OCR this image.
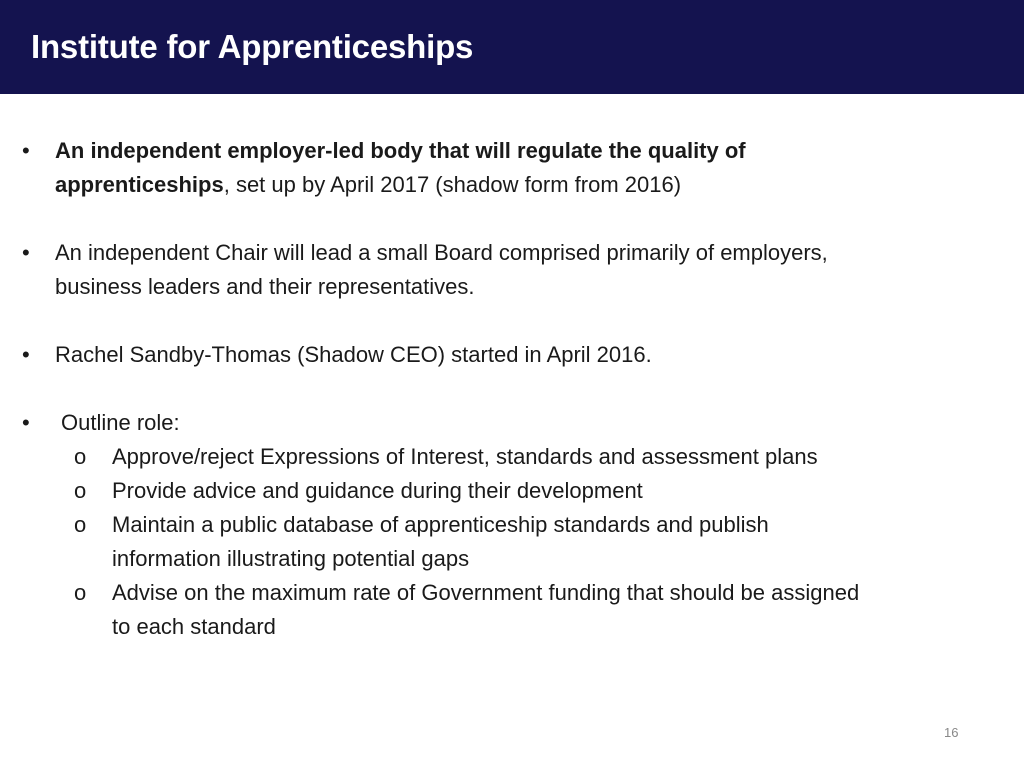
Institute for Apprenticeships
• An independent employer-led body that will regulate the quality of
apprenticeships, set up by April 2017 (shadow form from 2016)
• An independent Chair will lead a small Board comprised primarily of employers,
business leaders and their representatives.
• Rachel Sandby-Thomas (Shadow CEO) started in April 2016.
• Outline role:
o Approve/reject Expressions of Interest, standards and assessment plans
o Provide advice and guidance during their development
o Maintain a public database of apprenticeship standards and publish
information illustrating potential gaps
o Advise on the maximum rate of Government funding that should be assigned
to each standard
16
